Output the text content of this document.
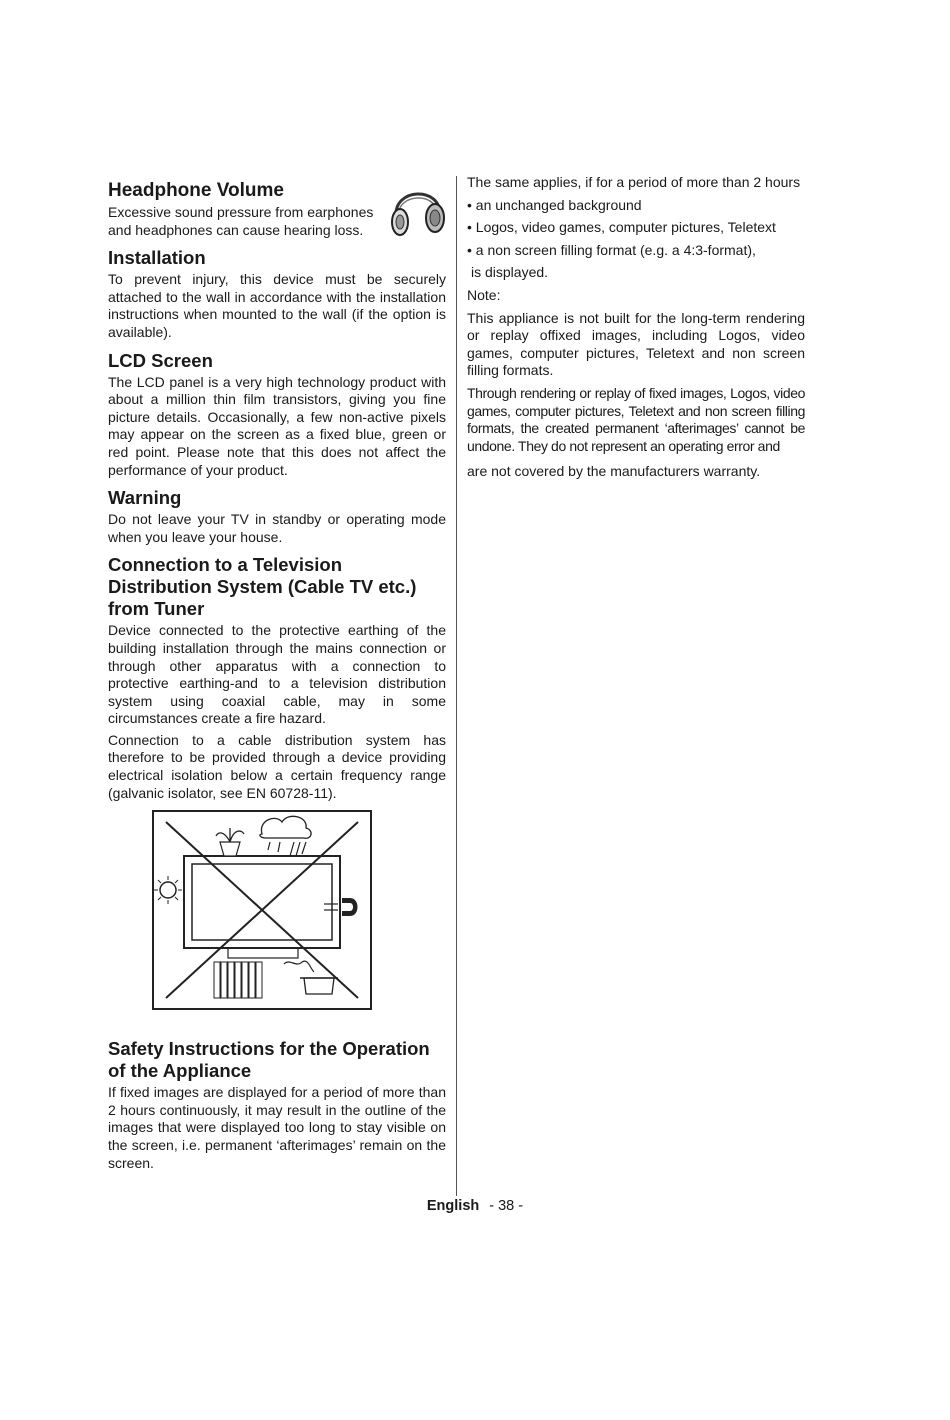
Headphone Volume

Excessive sound pressure from earphones and headphones can cause hearing loss.

Installation

To prevent injury, this device must be securely attached to the wall in accordance with the installation instructions when mounted to the wall (if the option is available).

LCD Screen

The LCD panel is a very high technology product with about a million thin film transistors, giving you fine picture details. Occasionally, a few non-active pixels may appear on the screen as a fixed blue, green or red point. Please note that this does not affect the performance of your product.

Warning

Do not leave your TV in standby or operating mode when you leave your house.

Connection to a Television Distribution System (Cable TV etc.) from Tuner

Device connected to the protective earthing of the building installation through the mains connection or through other apparatus with a connection to protective earthing-and to a television distribution system using coaxial cable, may in some circumstances create a fire hazard.

Connection to a cable distribution system has therefore to be provided through a device providing electrical isolation below a certain frequency range (galvanic isolator, see EN 60728-11).

Safety Instructions for the Operation of the Appliance

If fixed images are displayed for a period of more than 2 hours continuously, it may result in the outline of the images that were displayed too long to stay visible on the screen, i.e. permanent ‘afterimages’ remain on the screen.

The same applies, if for a period of more than 2 hours

• an unchanged background

• Logos, video games, computer pictures, Teletext

• a non screen filling format (e.g. a 4:3-format),

is displayed.

Note:

This appliance is not built for the long-term rendering or replay offixed images, including Logos, video games, computer pictures, Teletext and non screen filling formats.

Through rendering or replay of fixed images, Logos, video games, computer pictures, Teletext and non screen filling formats, the created permanent ‘afterimages’ cannot be undone. They do not represent an operating error and

are not covered by the manufacturers warranty.

English - 38 -
